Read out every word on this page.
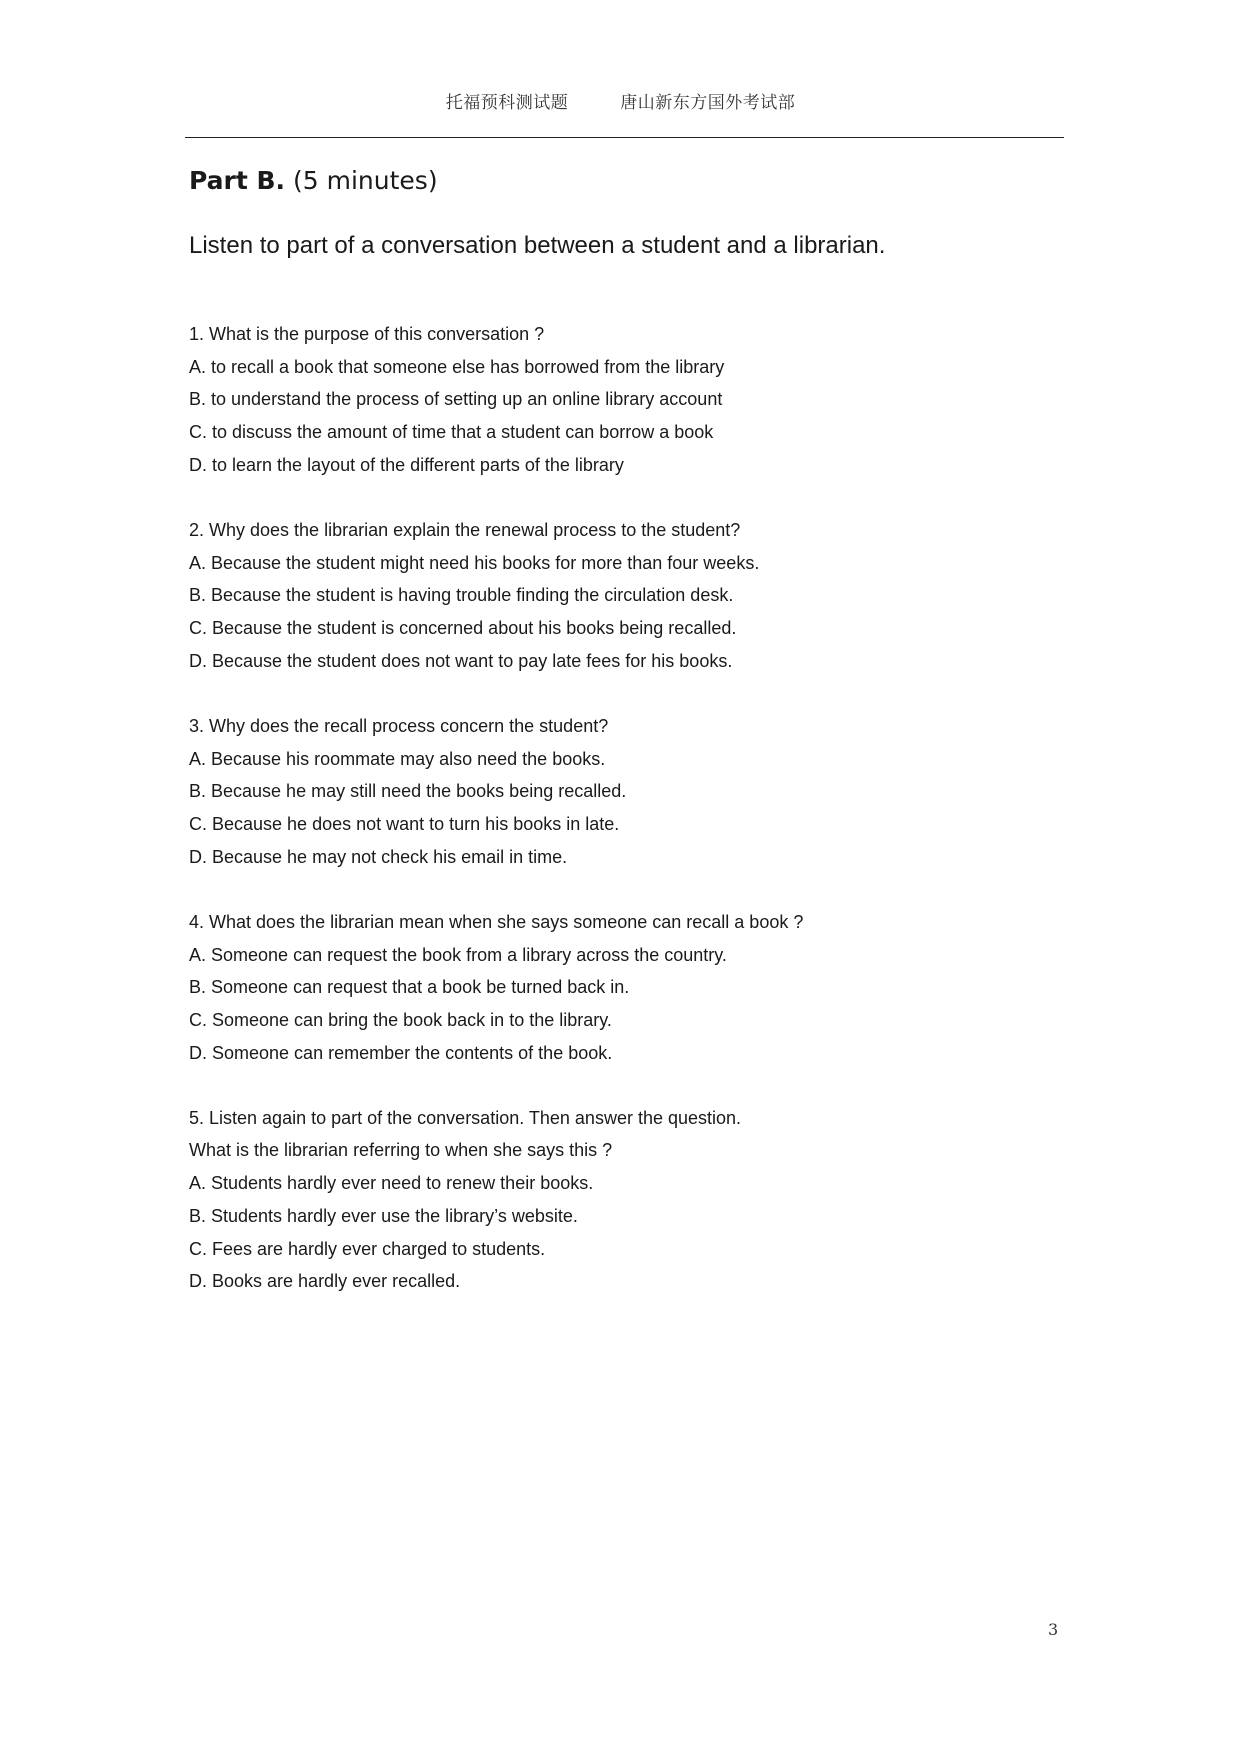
托福预科测试题	唐山新东方国外考试部
Part B. (5 minutes)
Listen to part of a conversation between a student and a librarian.
1. What is the purpose of this conversation ?
A. to recall a book that someone else has borrowed from the library
B. to understand the process of setting up an online library account
C. to discuss the amount of time that a student can borrow a book
D. to learn the layout of the different parts of the library
2. Why does the librarian explain the renewal process to the student?
A. Because the student might need his books for more than four weeks.
B. Because the student is having trouble finding the circulation desk.
C. Because the student is concerned about his books being recalled.
D. Because the student does not want to pay late fees for his books.
3. Why does the recall process concern the student?
A. Because his roommate may also need the books.
B. Because he may still need the books being recalled.
C. Because he does not want to turn his books in late.
D. Because he may not check his email in time.
4. What does the librarian mean when she says someone can recall a book ?
A. Someone can request the book from a library across the country.
B. Someone can request that a book be turned back in.
C. Someone can bring the book back in to the library.
D. Someone can remember the contents of the book.
5. Listen again to part of the conversation. Then answer the question.
What is the librarian referring to when she says this ?
A. Students hardly ever need to renew their books.
B. Students hardly ever use the library’s website.
C. Fees are hardly ever charged to students.
D. Books are hardly ever recalled.
3
